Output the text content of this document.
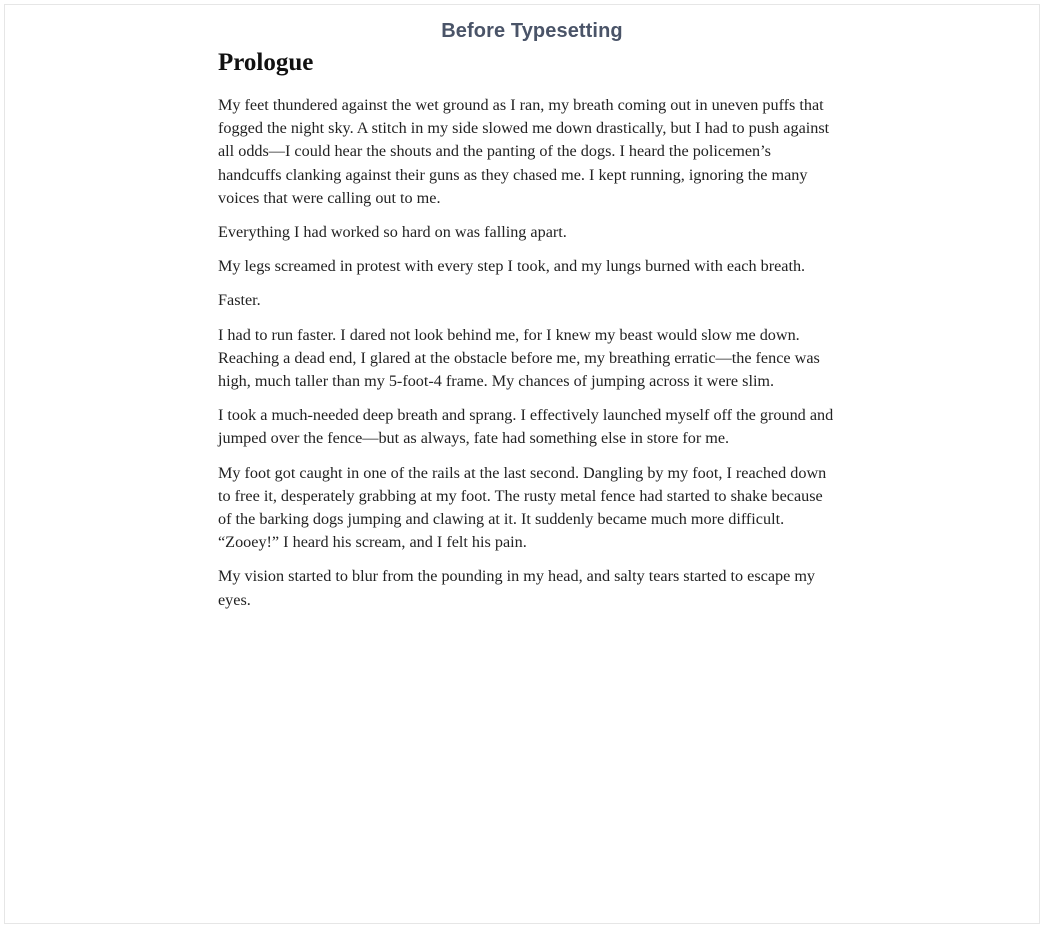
Before Typesetting
Prologue

My feet thundered against the wet ground as I ran, my breath coming out in uneven puffs that fogged the night sky. A stitch in my side slowed me down drastically, but I had to push against all odds—I could hear the shouts and the panting of the dogs. I heard the policemen’s handcuffs clanking against their guns as they chased me. I kept running, ignoring the many voices that were calling out to me.

Everything I had worked so hard on was falling apart.

My legs screamed in protest with every step I took, and my lungs burned with each breath.

Faster.

I had to run faster. I dared not look behind me, for I knew my beast would slow me down. Reaching a dead end, I glared at the obstacle before me, my breathing erratic—the fence was high, much taller than my 5-foot-4 frame. My chances of jumping across it were slim.

I took a much-needed deep breath and sprang. I effectively launched myself off the ground and jumped over the fence—but as always, fate had something else in store for me.

My foot got caught in one of the rails at the last second. Dangling by my foot, I reached down to free it, desperately grabbing at my foot. The rusty metal fence had started to shake because of the barking dogs jumping and clawing at it. It suddenly became much more difficult. “Zooey!” I heard his scream, and I felt his pain.

My vision started to blur from the pounding in my head, and salty tears started to escape my eyes.
